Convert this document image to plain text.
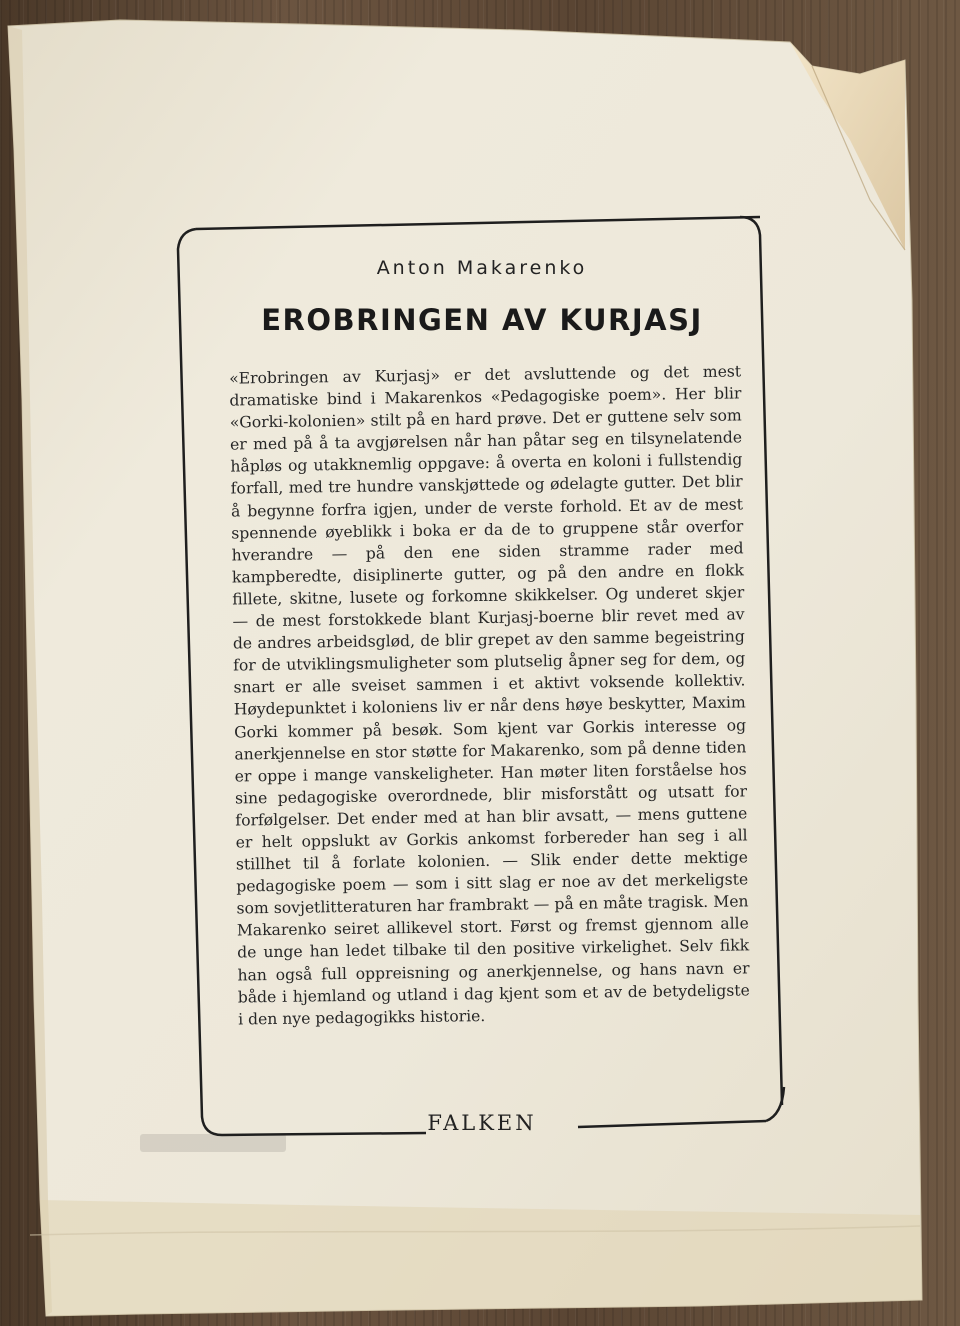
Anton Makarenko
EROBRINGEN AV KURJASJ

«Erobringen av Kurjasj» er det avsluttende og det mest dramatiske bind i Makarenkos «Pedagogiske poem». Her blir «Gorki-kolonien» stilt på en hard prøve. Det er guttene selv som er med på å ta avgjørelsen når han påtar seg en tilsynelatende håpløs og utakknemlig oppgave: å overta en koloni i fullstendig forfall, med tre hundre vanskjøttede og ødelagte gutter. Det blir å begynne forfra igjen, under de verste forhold. Et av de mest spennende øyeblikk i boka er da de to gruppene står overfor hverandre — på den ene siden stramme rader med kampberedte, disiplinerte gutter, og på den andre en flokk fillete, skitne, lusete og forkomne skikkelser. Og underet skjer — de mest forstokkede blant Kurjasj-boerne blir revet med av de andres arbeidsglød, de blir grepet av den samme begeistring for de utviklingsmuligheter som plutselig åpner seg for dem, og snart er alle sveiset sammen i et aktivt voksende kollektiv. Høydepunktet i koloniens liv er når dens høye beskytter, Maxim Gorki kommer på besøk. Som kjent var Gorkis interesse og anerkjennelse en stor støtte for Makarenko, som på denne tiden er oppe i mange vanskeligheter. Han møter liten forståelse hos sine pedagogiske overordnede, blir misforstått og utsatt for forfølgelser. Det ender med at han blir avsatt, — mens guttene er helt oppslukt av Gorkis ankomst forbereder han seg i all stillhet til å forlate kolonien. — Slik ender dette mektige pedagogiske poem — som i sitt slag er noe av det merkeligste som sovjetlitteraturen har frambrakt — på en måte tragisk. Men Makarenko seiret allikevel stort. Først og fremst gjennom alle de unge han ledet tilbake til den positive virkelighet. Selv fikk han også full oppreisning og anerkjennelse, og hans navn er både i hjemland og utland i dag kjent som et av de betydeligste i den nye pedagogikks historie.

FALKEN
